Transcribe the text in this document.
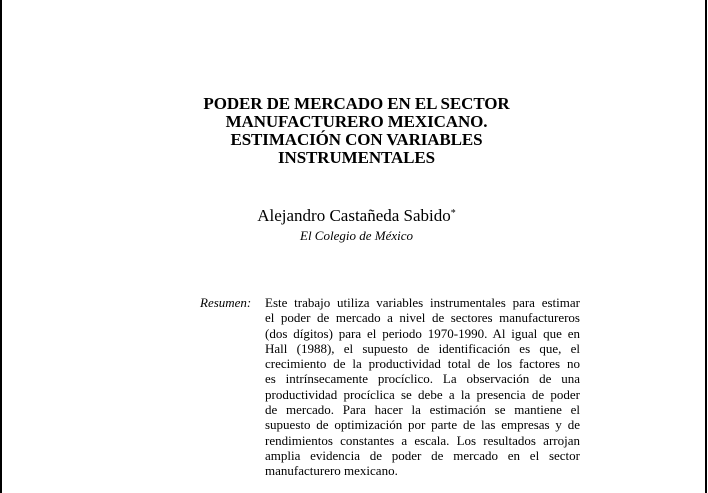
PODER DE MERCADO EN EL SECTOR
MANUFACTURERO MEXICANO.
ESTIMACIÓN CON VARIABLES
INSTRUMENTALES
Alejandro Castañeda Sabido*
El Colegio de México
Resumen: Este trabajo utiliza variables instrumentales para estimar
el poder de mercado a nivel de sectores manufactureros
(dos dígitos) para el periodo 1970-1990. Al igual que en
Hall (1988), el supuesto de identificación es que, el
crecimiento de la productividad total de los factores no
es intrínsecamente procíclico. La observación de una
productividad procíclica se debe a la presencia de poder
de mercado. Para hacer la estimación se mantiene el
supuesto de optimización por parte de las empresas y de
rendimientos constantes a escala. Los resultados arrojan
amplia evidencia de poder de mercado en el sector
manufacturero mexicano.
